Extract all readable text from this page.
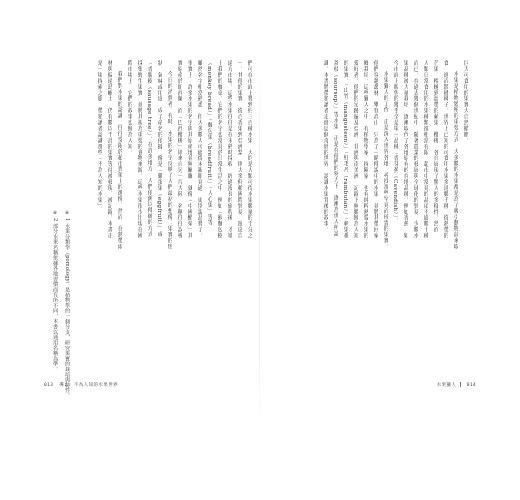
們可在市面上嘗到約三百種水果，大約是人類可得水果數量的千分之
一。其他的果實，從百香果到亞洲梨，則大多仰賴國際貿易，運送自
遠方市場。這些水果往往是在未熟時採收，經過漫長的旅程後，才端
上我們的餐桌。它們的名字也常見於日常生活之中，例如「猴麵包樹
（monkey bread）」「麵包果（breadfruit）」「人心果」等等，
雖然名字相當熟悉，但大多數人可能從未親眼見過，更別說品嘗了。
事實上，許多水果的名字與其原產地並無關聯，就像「中國醋栗」其
實原產於紐西蘭，而「巴西櫻桃」則來自另一片大陸，名稱往往誤導
今日的消費者。有時，水果的名字反映了人們最初的想像：果實的形
狀、氣味或用途，成了命名的依據，像是「雞蛋果（eggfruit）」或
「香腸樹（sausage tree）」。在許多地方，人們依舊以傳統的方式
採集野生果實，並將其視為重要的食物來源。這些水果很少出現在國
際市場上，它們的故事也鮮為人知。
我們對水果的認識，往往受限於超市貨架上的選擇。然而，在熱帶雨
林與偏遠島嶼上，仍有數以千計的果實等待被發現、被記錄。本書正
是一場探索之旅，帶領讀者認識那些「不為人知的水果」。
※ 1 水果分類學（pomology）是植物學的一個分支，研究果實的栽培與特性。
※ 2 部分水果名稱依據各地習慣而有所不同，本書以通用名稱為準。
013 導言：不為人知的水果世界
巨大可食用的果實大自然饋贈。
水果是植物繁殖的重要方式，大多數的水果都是為了吸引動物前來取
食，進而散播種子。世界上已知的可食用水果多達數千種，從熱帶的
芒果、榴槤到溫帶的蘋果、櫻桃，各自展現了驚人的多樣性。然而，
人類日常食用的水果種類卻相當有限，超市中常見的品項不過數十種
而已。在過去幾個世紀中，隨著農業的發展與全球化的貿易，少數水
果品種被大量栽培，逐漸取代了各地原有的在地品種。例如香蕉，如
今市面上販售的幾乎全是單一品種「香芽蕉（Cavendish）」。
水果獵人的工作，正是深入世界各地，尋找那些罕見而珍貴的果實。
他們穿越叢林、攀登高山，只為了一睹傳說中的水果，並將其帶回家
鄉栽培。這些獵人之中，有植物學家、探險家，也有純粹熱愛水果的
愛好者。他們的足跡遍及亞洲、非洲與南美洲，記錄下無數鮮為人知
的果實。「山竹（mangosteen）」「紅毛丹（rambutan）」「刺果番
荔枝（soursop）」等水果，正是在他們的努力下，逐漸為世人所認
識。本書將帶領讀者走進這個奇妙的世界，認識水果背後的故事。
水果獵人 014
